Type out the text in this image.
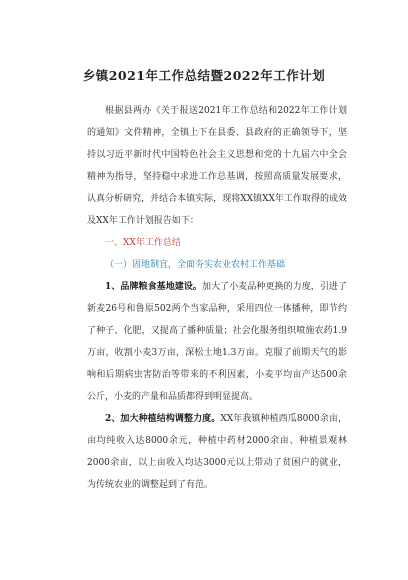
乡镇2021年工作总结暨2022年工作计划

根据县两办《关于报送2021年工作总结和2022年工作计划的通知》文件精神，全镇上下在县委、县政府的正确领导下，坚持以习近平新时代中国特色社会主义思想和党的十九届六中全会精神为指导，坚持稳中求进工作总基调，按照高质量发展要求，认真分析研究，并结合本镇实际，现将XX镇XX年工作取得的成效及XX年工作计划报告如下：

一、XX年工作总结

（一）固地制宜，全面夯实农业农村工作基础

1、品牌粮食基地建设。加大了小麦品种更换的力度，引进了新麦26号和鲁原502两个当家品种，采用四位一体播种，即节约了种子、化肥，又提高了播种质量；社会化服务组织喷施农药1.9万亩，收割小麦3万亩，深松土地1.3万亩。克服了前期天气的影响和后期病虫害防治等带来的不利因素，小麦平均亩产达500余公斤，小麦的产量和品质都得到明显提高。

2、加大种植结构调整力度。XX年我镇种植西瓜8000余亩，亩均纯收入达8000余元，种植中药材2000余亩、种植景观林2000余亩，以上亩收入均达3000元以上带动了贫困户的就业，为传统农业的调整起到了有范。
